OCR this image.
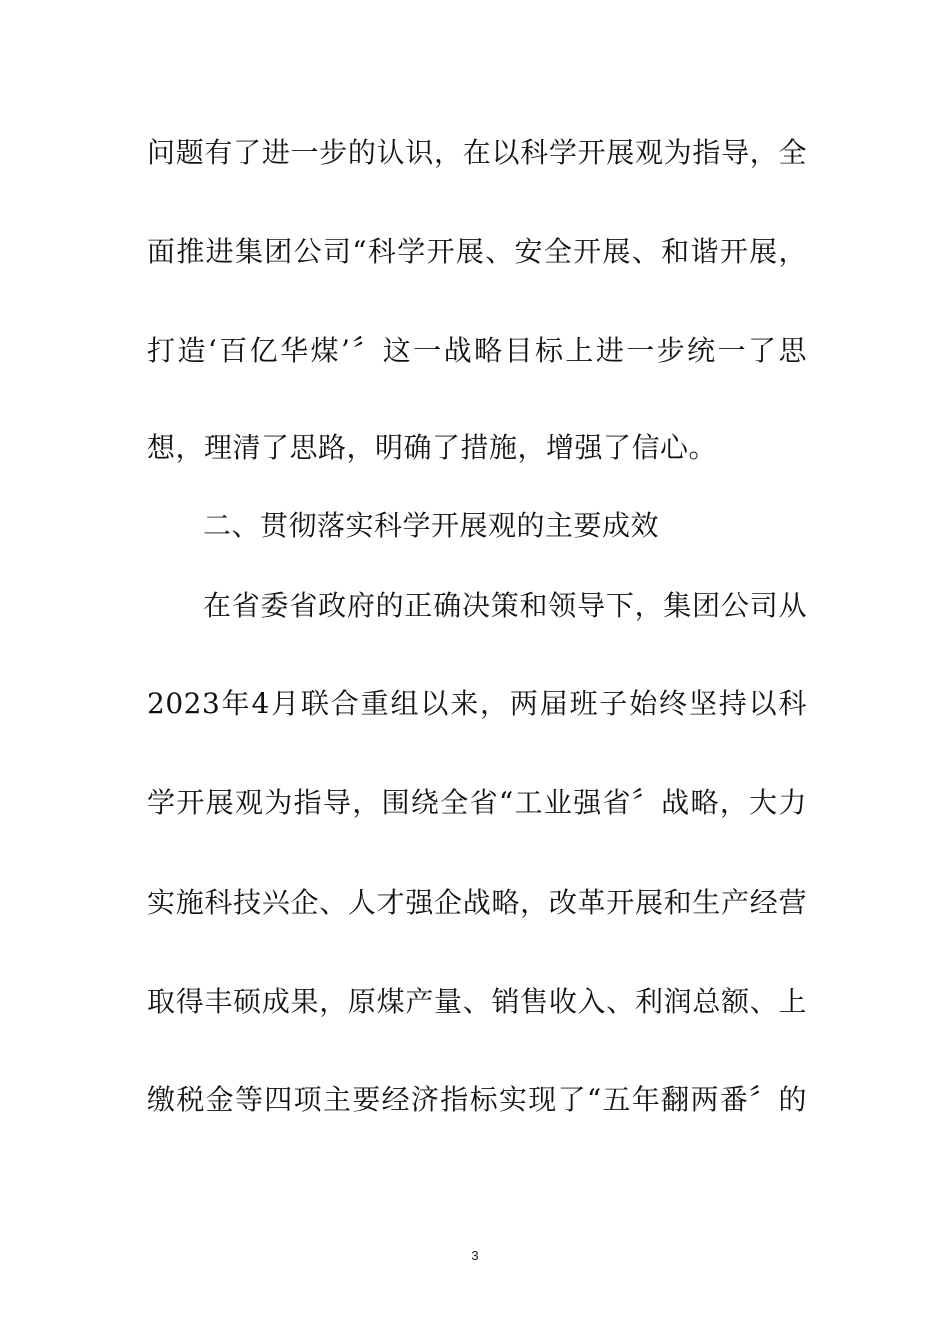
问题有了进一步的认识，在以科学开展观为指导，全
面推进集团公司“科学开展、安全开展、和谐开展，
打造‘百亿华煤’〞这一战略目标上进一步统一了思
想，理清了思路，明确了措施，增强了信心。
二、贯彻落实科学开展观的主要成效
在省委省政府的正确决策和领导下，集团公司从
2023年4月联合重组以来，两届班子始终坚持以科
学开展观为指导，围绕全省“工业强省〞战略，大力
实施科技兴企、人才强企战略，改革开展和生产经营
取得丰硕成果，原煤产量、销售收入、利润总额、上
缴税金等四项主要经济指标实现了“五年翻两番〞的
3
